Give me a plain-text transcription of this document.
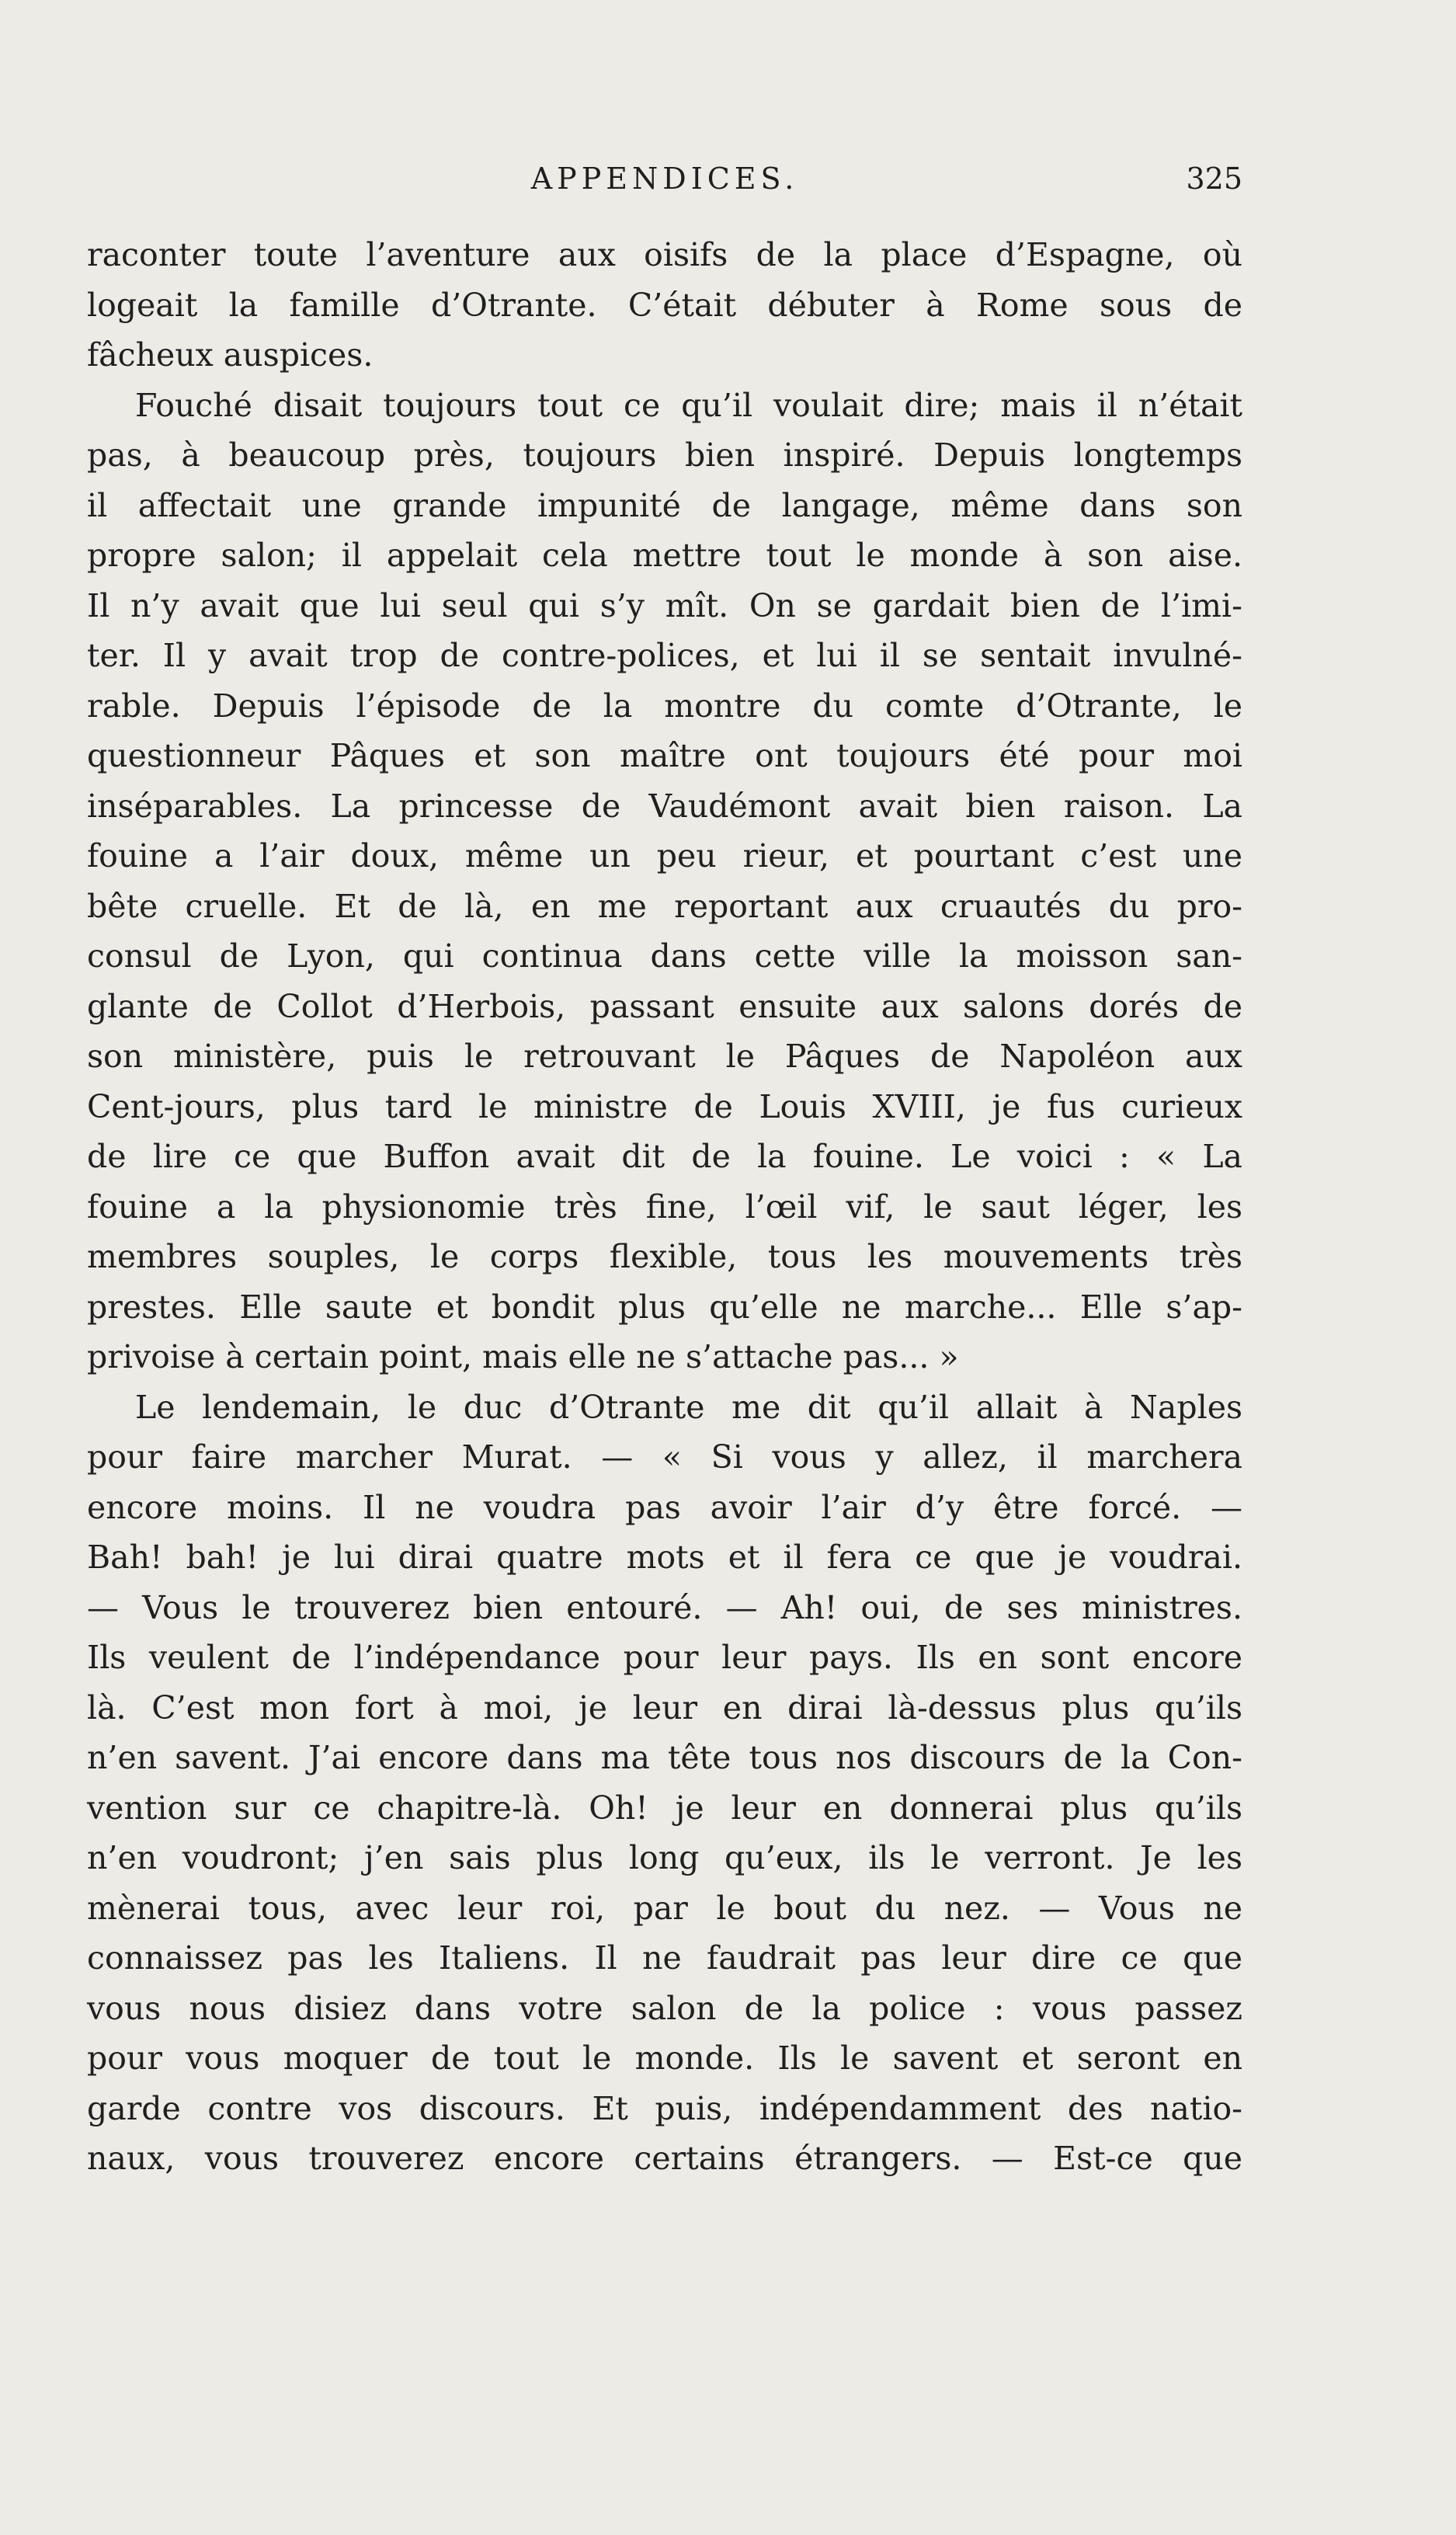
APPENDICES.	325
raconter toute l’aventure aux oisifs de la place d’Espagne, où
logeait la famille d’Otrante. C’était débuter à Rome sous de
fâcheux auspices.
Fouché disait toujours tout ce qu’il voulait dire; mais il n’était
pas, à beaucoup près, toujours bien inspiré. Depuis longtemps
il affectait une grande impunité de langage, même dans son
propre salon; il appelait cela mettre tout le monde à son aise.
Il n’y avait que lui seul qui s’y mît. On se gardait bien de l’imi-
ter. Il y avait trop de contre-polices, et lui il se sentait invulné-
rable. Depuis l’épisode de la montre du comte d’Otrante, le
questionneur Pâques et son maître ont toujours été pour moi
inséparables. La princesse de Vaudémont avait bien raison. La
fouine a l’air doux, même un peu rieur, et pourtant c’est une
bête cruelle. Et de là, en me reportant aux cruautés du pro-
consul de Lyon, qui continua dans cette ville la moisson san-
glante de Collot d’Herbois, passant ensuite aux salons dorés de
son ministère, puis le retrouvant le Pâques de Napoléon aux
Cent-jours, plus tard le ministre de Louis XVIII, je fus curieux
de lire ce que Buffon avait dit de la fouine. Le voici : « La
fouine a la physionomie très fine, l’œil vif, le saut léger, les
membres souples, le corps flexible, tous les mouvements très
prestes. Elle saute et bondit plus qu’elle ne marche... Elle s’ap-
privoise à certain point, mais elle ne s’attache pas... »
Le lendemain, le duc d’Otrante me dit qu’il allait à Naples
pour faire marcher Murat. — « Si vous y allez, il marchera
encore moins. Il ne voudra pas avoir l’air d’y être forcé. —
Bah! bah! je lui dirai quatre mots et il fera ce que je voudrai.
— Vous le trouverez bien entouré. — Ah! oui, de ses ministres.
Ils veulent de l’indépendance pour leur pays. Ils en sont encore
là. C’est mon fort à moi, je leur en dirai là-dessus plus qu’ils
n’en savent. J’ai encore dans ma tête tous nos discours de la Con-
vention sur ce chapitre-là. Oh! je leur en donnerai plus qu’ils
n’en voudront; j’en sais plus long qu’eux, ils le verront. Je les
mènerai tous, avec leur roi, par le bout du nez. — Vous ne
connaissez pas les Italiens. Il ne faudrait pas leur dire ce que
vous nous disiez dans votre salon de la police : vous passez
pour vous moquer de tout le monde. Ils le savent et seront en
garde contre vos discours. Et puis, indépendamment des natio-
naux, vous trouverez encore certains étrangers. — Est-ce que
